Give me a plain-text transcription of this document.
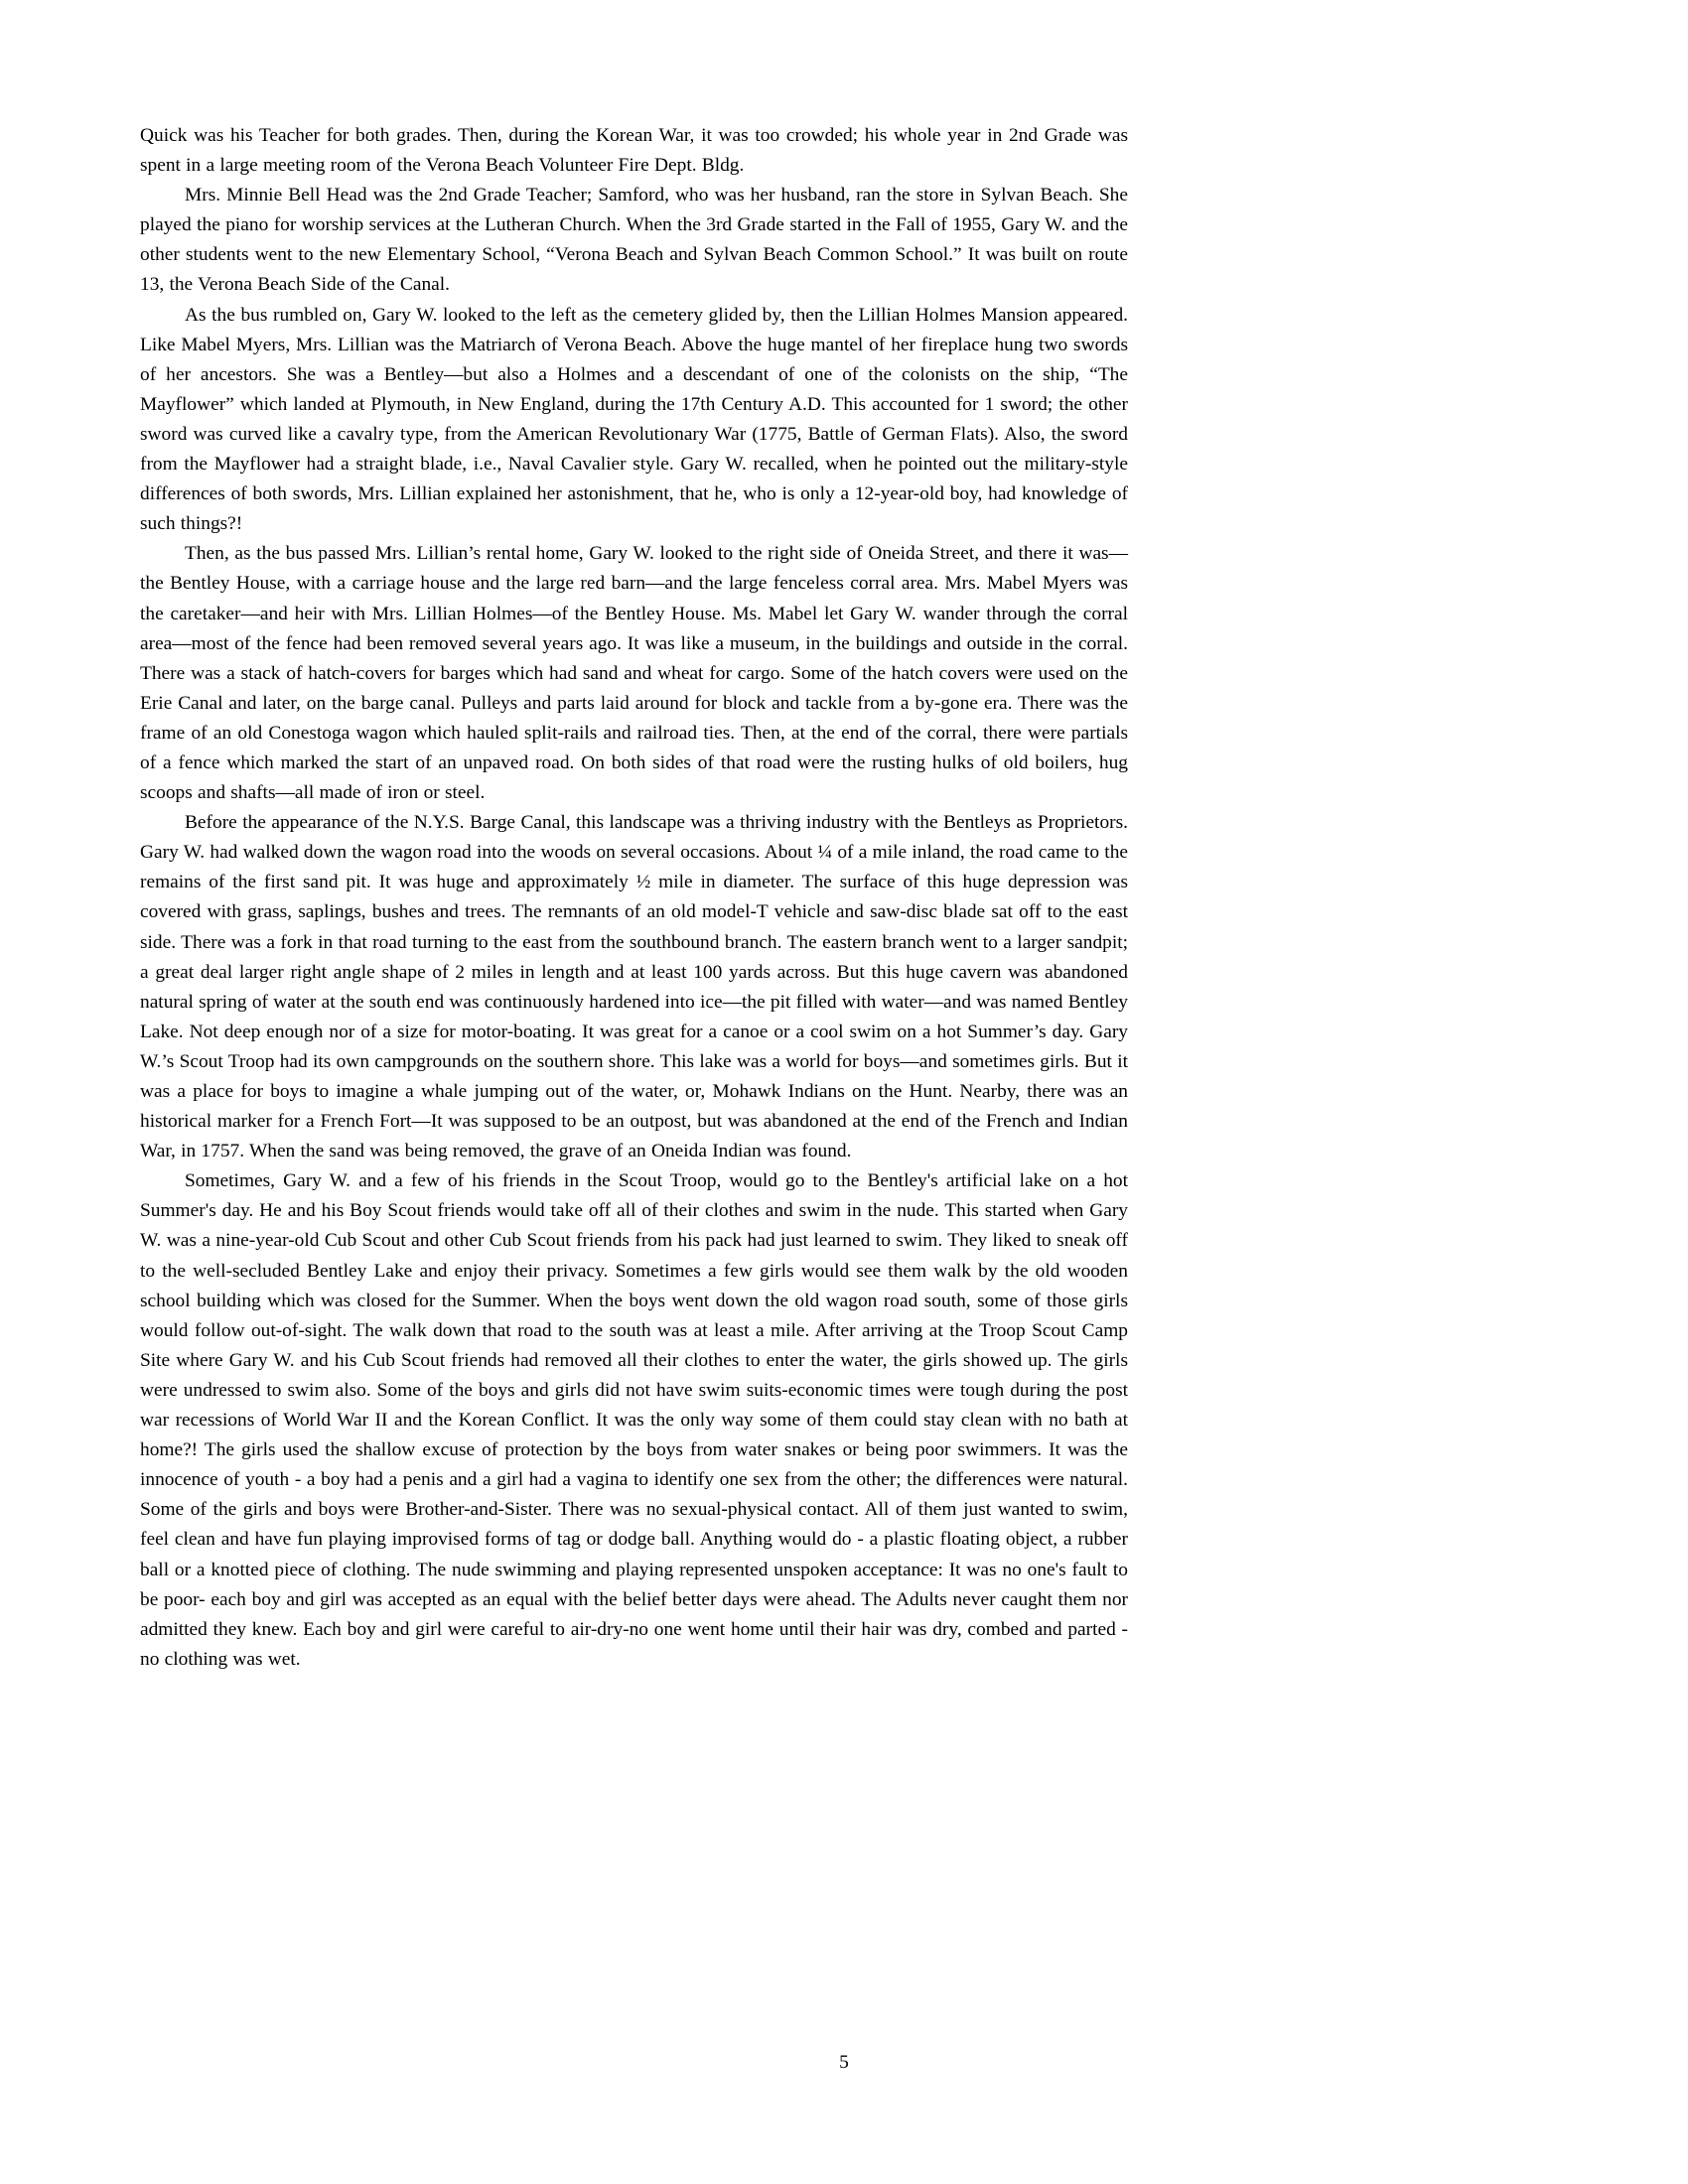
Quick was his Teacher for both grades. Then, during the Korean War, it was too crowded; his whole year in 2nd Grade was spent in a large meeting room of the Verona Beach Volunteer Fire Dept. Bldg.

Mrs. Minnie Bell Head was the 2nd Grade Teacher; Samford, who was her husband, ran the store in Sylvan Beach. She played the piano for worship services at the Lutheran Church. When the 3rd Grade started in the Fall of 1955, Gary W. and the other students went to the new Elementary School, “Verona Beach and Sylvan Beach Common School.” It was built on route 13, the Verona Beach Side of the Canal.

As the bus rumbled on, Gary W. looked to the left as the cemetery glided by, then the Lillian Holmes Mansion appeared. Like Mabel Myers, Mrs. Lillian was the Matriarch of Verona Beach. Above the huge mantel of her fireplace hung two swords of her ancestors. She was a Bentley—but also a Holmes and a descendant of one of the colonists on the ship, “The Mayflower” which landed at Plymouth, in New England, during the 17th Century A.D. This accounted for 1 sword; the other sword was curved like a cavalry type, from the American Revolutionary War (1775, Battle of German Flats). Also, the sword from the Mayflower had a straight blade, i.e., Naval Cavalier style. Gary W. recalled, when he pointed out the military-style differences of both swords, Mrs. Lillian explained her astonishment, that he, who is only a 12-year-old boy, had knowledge of such things?!

Then, as the bus passed Mrs. Lillian’s rental home, Gary W. looked to the right side of Oneida Street, and there it was—the Bentley House, with a carriage house and the large red barn—and the large fenceless corral area. Mrs. Mabel Myers was the caretaker—and heir with Mrs. Lillian Holmes—of the Bentley House. Ms. Mabel let Gary W. wander through the corral area—most of the fence had been removed several years ago. It was like a museum, in the buildings and outside in the corral. There was a stack of hatch-covers for barges which had sand and wheat for cargo. Some of the hatch covers were used on the Erie Canal and later, on the barge canal. Pulleys and parts laid around for block and tackle from a by-gone era. There was the frame of an old Conestoga wagon which hauled split-rails and railroad ties. Then, at the end of the corral, there were partials of a fence which marked the start of an unpaved road. On both sides of that road were the rusting hulks of old boilers, hug scoops and shafts—all made of iron or steel.

Before the appearance of the N.Y.S. Barge Canal, this landscape was a thriving industry with the Bentleys as Proprietors. Gary W. had walked down the wagon road into the woods on several occasions. About ¼ of a mile inland, the road came to the remains of the first sand pit. It was huge and approximately ½ mile in diameter. The surface of this huge depression was covered with grass, saplings, bushes and trees. The remnants of an old model-T vehicle and saw-disc blade sat off to the east side. There was a fork in that road turning to the east from the southbound branch. The eastern branch went to a larger sandpit; a great deal larger right angle shape of 2 miles in length and at least 100 yards across. But this huge cavern was abandoned natural spring of water at the south end was continuously hardened into ice—the pit filled with water—and was named Bentley Lake. Not deep enough nor of a size for motor-boating. It was great for a canoe or a cool swim on a hot Summer’s day. Gary W.’s Scout Troop had its own campgrounds on the southern shore. This lake was a world for boys—and sometimes girls. But it was a place for boys to imagine a whale jumping out of the water, or, Mohawk Indians on the Hunt. Nearby, there was an historical marker for a French Fort—It was supposed to be an outpost, but was abandoned at the end of the French and Indian War, in 1757. When the sand was being removed, the grave of an Oneida Indian was found.

Sometimes, Gary W. and a few of his friends in the Scout Troop, would go to the Bentley's artificial lake on a hot Summer's day. He and his Boy Scout friends would take off all of their clothes and swim in the nude. This started when Gary W. was a nine-year-old Cub Scout and other Cub Scout friends from his pack had just learned to swim. They liked to sneak off to the well-secluded Bentley Lake and enjoy their privacy. Sometimes a few girls would see them walk by the old wooden school building which was closed for the Summer. When the boys went down the old wagon road south, some of those girls would follow out-of-sight. The walk down that road to the south was at least a mile. After arriving at the Troop Scout Camp Site where Gary W. and his Cub Scout friends had removed all their clothes to enter the water, the girls showed up. The girls were undressed to swim also. Some of the boys and girls did not have swim suits-economic times were tough during the post war recessions of World War II and the Korean Conflict. It was the only way some of them could stay clean with no bath at home?! The girls used the shallow excuse of protection by the boys from water snakes or being poor swimmers. It was the innocence of youth - a boy had a penis and a girl had a vagina to identify one sex from the other; the differences were natural. Some of the girls and boys were Brother-and-Sister. There was no sexual-physical contact. All of them just wanted to swim, feel clean and have fun playing improvised forms of tag or dodge ball. Anything would do - a plastic floating object, a rubber ball or a knotted piece of clothing. The nude swimming and playing represented unspoken acceptance: It was no one's fault to be poor- each boy and girl was accepted as an equal with the belief better days were ahead. The Adults never caught them nor admitted they knew. Each boy and girl were careful to air-dry-no one went home until their hair was dry, combed and parted - no clothing was wet.

5
